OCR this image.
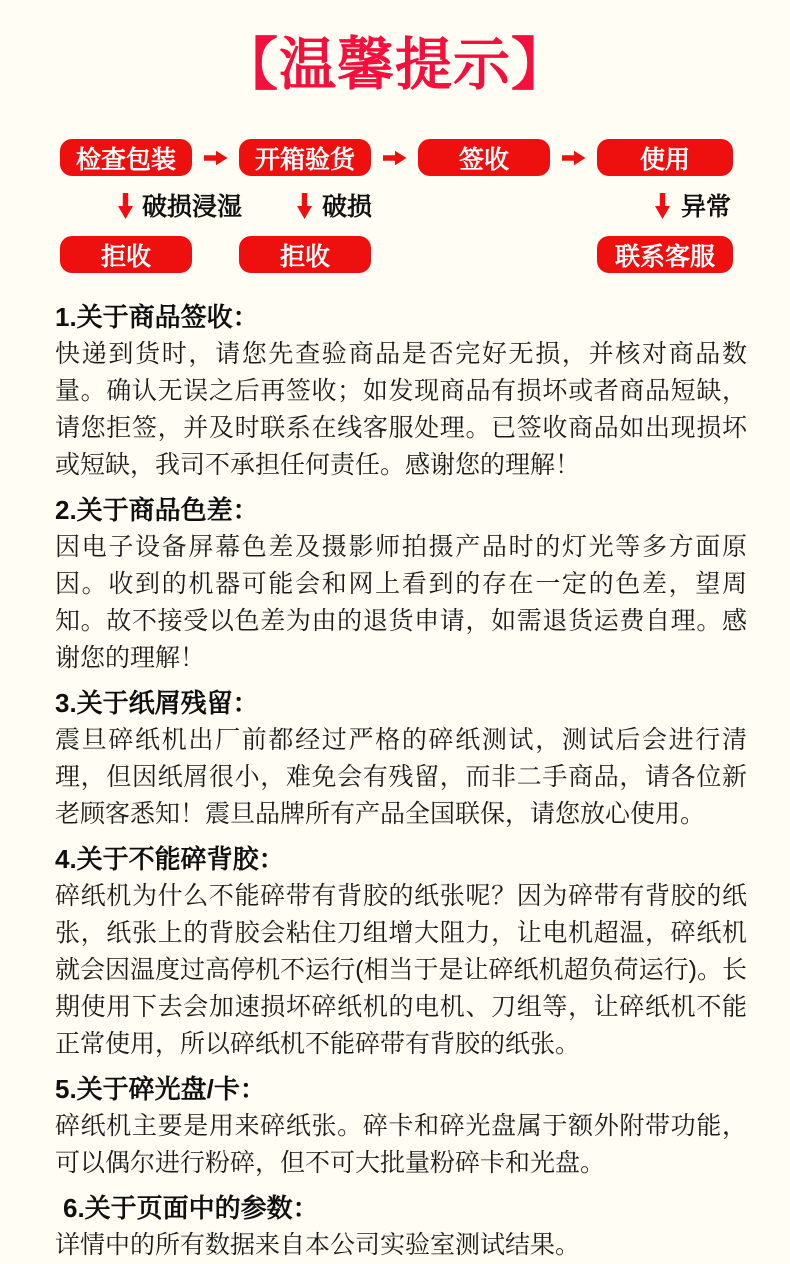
【温馨提示】
检查包装	开箱验货	签收	使用
破损浸湿
拒收
破损
拒收
异常
联系客服
1.关于商品签收：

快递到货时，请您先查验商品是否完好无损，并核对商品数量。确认无误之后再签收；如发现商品有损坏或者商品短缺，请您拒签，并及时联系在线客服处理。已签收商品如出现损坏或短缺，我司不承担任何责任。感谢您的理解！

2.关于商品色差：

因电子设备屏幕色差及摄影师拍摄产品时的灯光等多方面原因。收到的机器可能会和网上看到的存在一定的色差，望周知。故不接受以色差为由的退货申请，如需退货运费自理。感谢您的理解！

3.关于纸屑残留：

震旦碎纸机出厂前都经过严格的碎纸测试，测试后会进行清理，但因纸屑很小，难免会有残留，而非二手商品，请各位新老顾客悉知！震旦品牌所有产品全国联保，请您放心使用。

4.关于不能碎背胶：

碎纸机为什么不能碎带有背胶的纸张呢？因为碎带有背胶的纸张，纸张上的背胶会粘住刀组增大阻力，让电机超温，碎纸机就会因温度过高停机不运行(相当于是让碎纸机超负荷运行)。长期使用下去会加速损坏碎纸机的电机、刀组等，让碎纸机不能正常使用，所以碎纸机不能碎带有背胶的纸张。

5.关于碎光盘/卡：

碎纸机主要是用来碎纸张。碎卡和碎光盘属于额外附带功能，可以偶尔进行粉碎，但不可大批量粉碎卡和光盘。

6.关于页面中的参数：

详情中的所有数据来自本公司实验室测试结果。
